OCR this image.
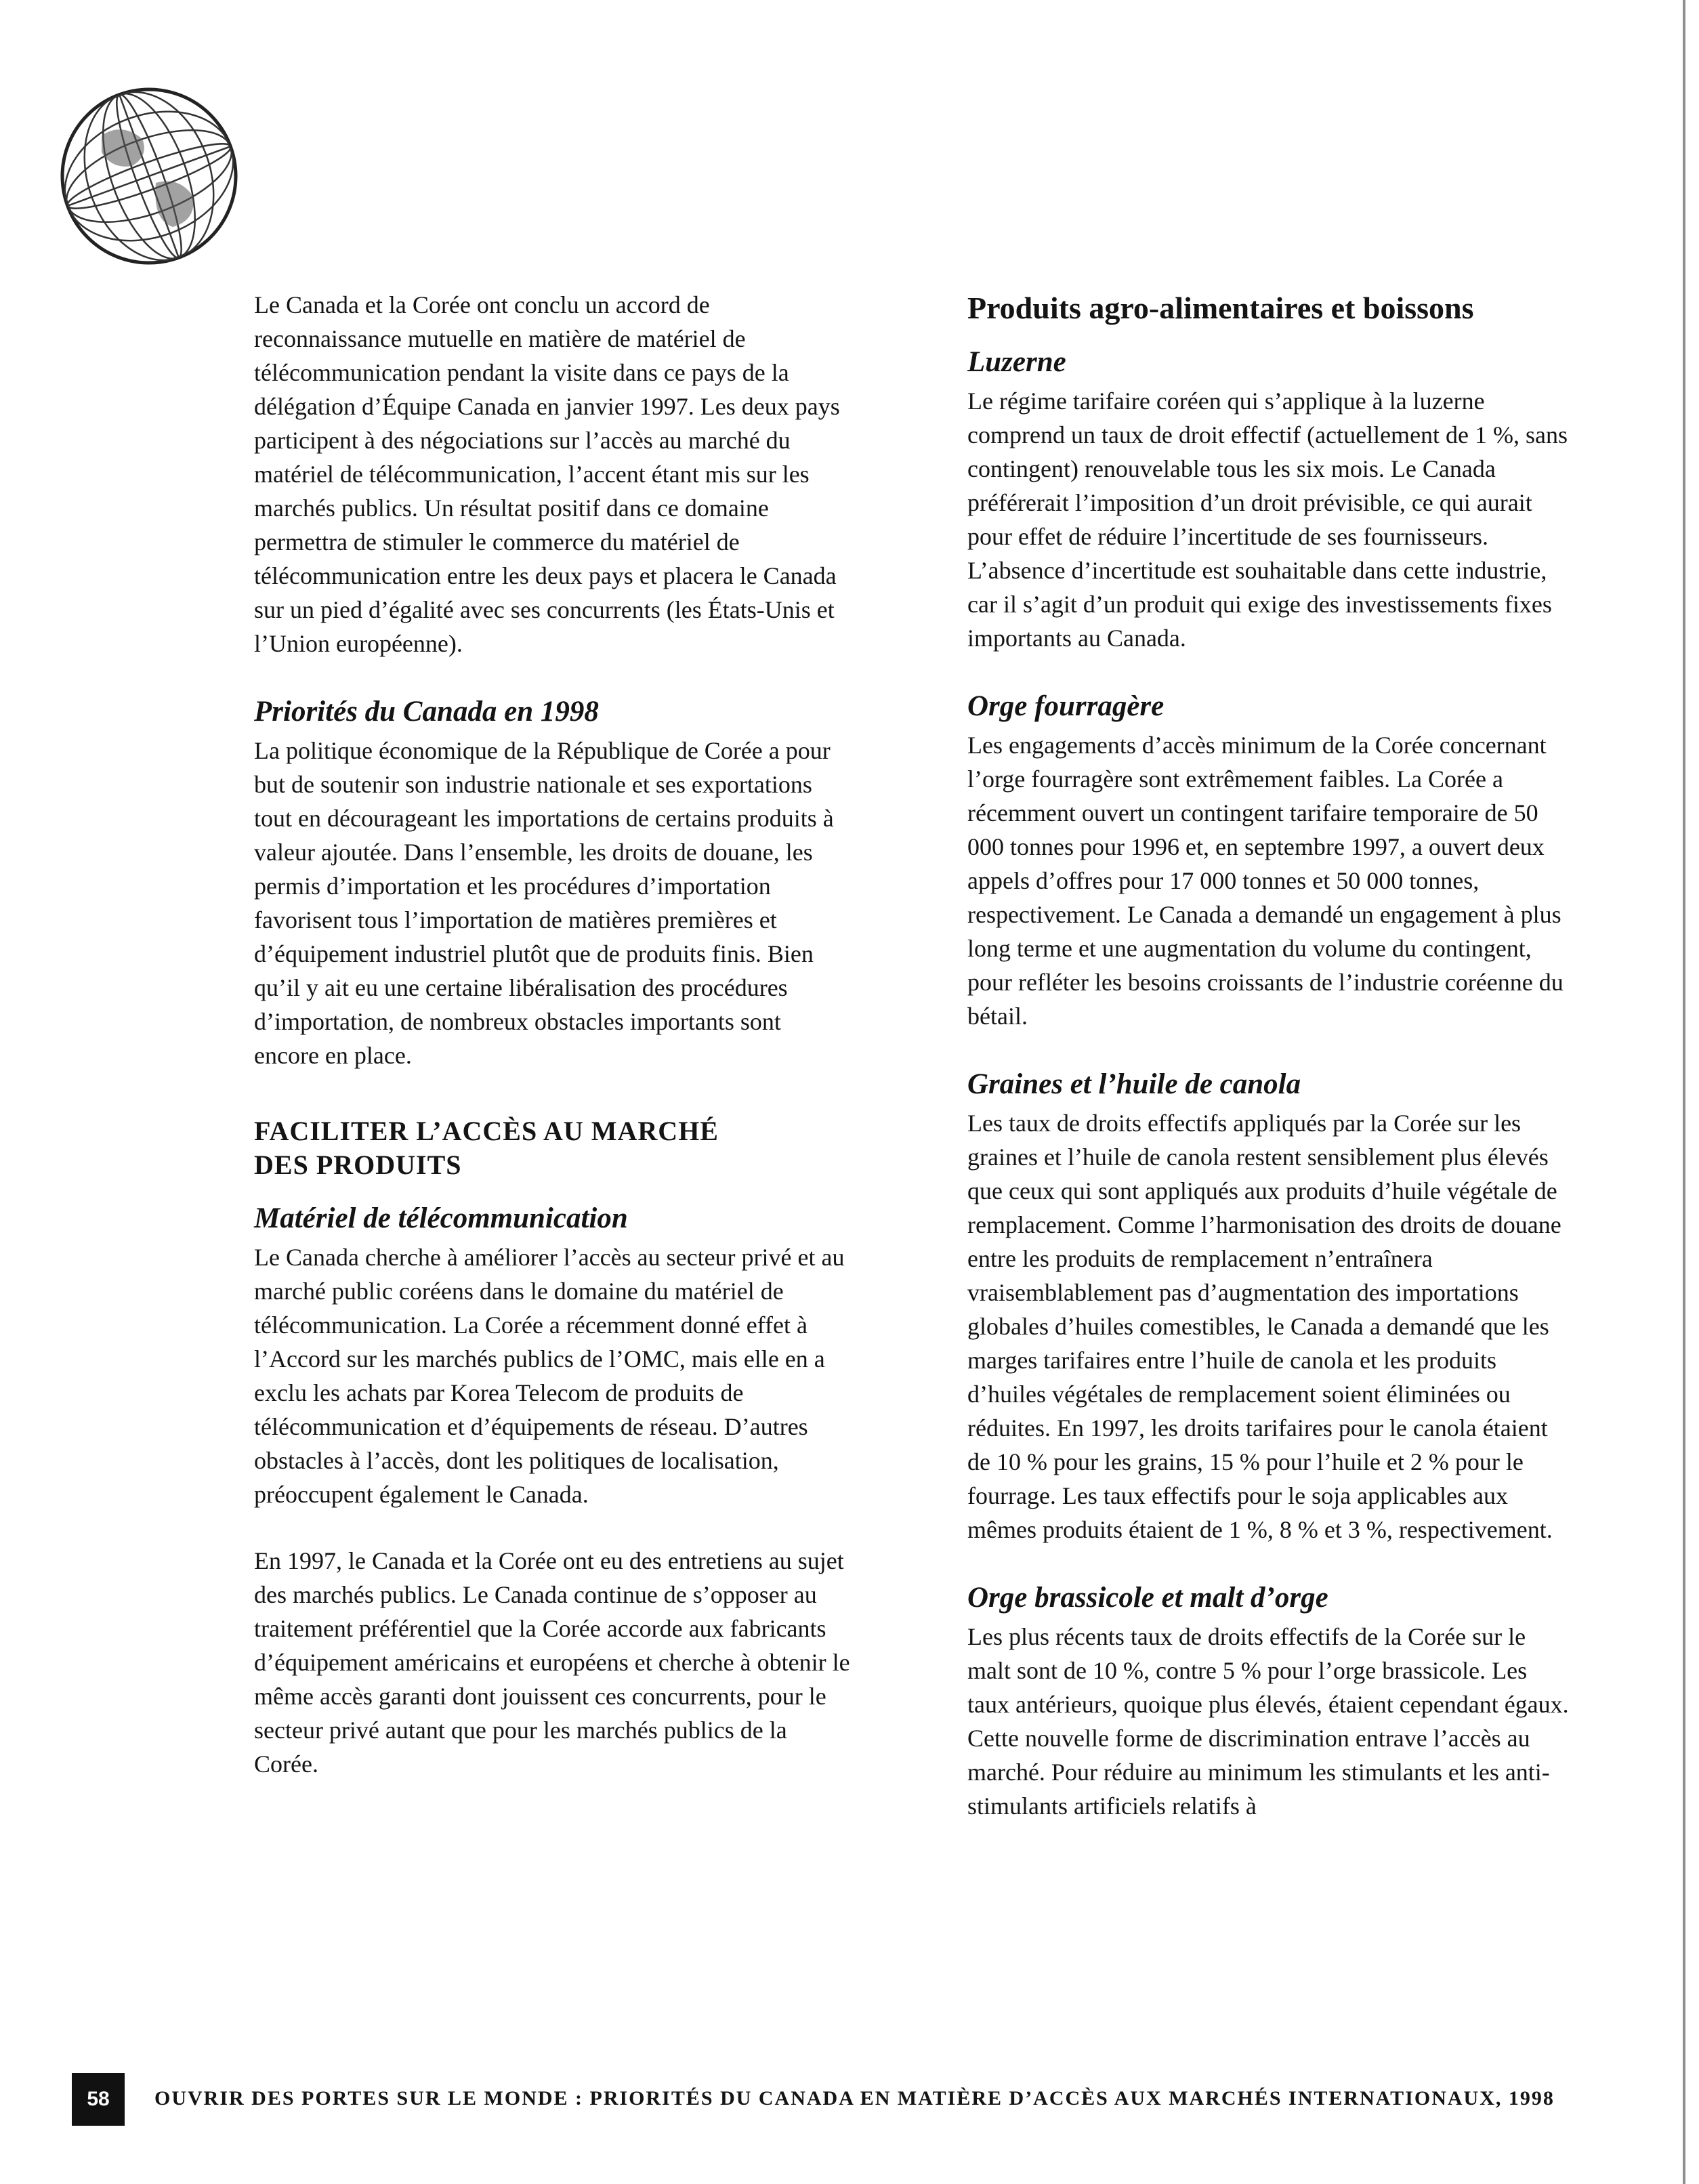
Le Canada et la Corée ont conclu un accord de reconnaissance mutuelle en matière de matériel de télécommunication pendant la visite dans ce pays de la délégation d’Équipe Canada en janvier 1997. Les deux pays participent à des négociations sur l’accès au marché du matériel de télécommunication, l’accent étant mis sur les marchés publics. Un résultat positif dans ce domaine permettra de stimuler le commerce du matériel de télécommunication entre les deux pays et placera le Canada sur un pied d’égalité avec ses concurrents (les États-Unis et l’Union européenne).

Priorités du Canada en 1998

La politique économique de la République de Corée a pour but de soutenir son industrie nationale et ses exportations tout en décourageant les importations de certains produits à valeur ajoutée. Dans l’ensemble, les droits de douane, les permis d’importation et les procédures d’importation favorisent tous l’importation de matières premières et d’équipement industriel plutôt que de produits finis. Bien qu’il y ait eu une certaine libéralisation des procédures d’importation, de nombreux obstacles importants sont encore en place.

FACILITER L’ACCÈS AU MARCHÉ
DES PRODUITS
Matériel de télécommunication

Le Canada cherche à améliorer l’accès au secteur privé et au marché public coréens dans le domaine du matériel de télécommunication. La Corée a récemment donné effet à l’Accord sur les marchés publics de l’OMC, mais elle en a exclu les achats par Korea Telecom de produits de télécommunication et d’équipements de réseau. D’autres obstacles à l’accès, dont les politiques de localisation, préoccupent également le Canada.

En 1997, le Canada et la Corée ont eu des entretiens au sujet des marchés publics. Le Canada continue de s’opposer au traitement préférentiel que la Corée accorde aux fabricants d’équipement américains et européens et cherche à obtenir le même accès garanti dont jouissent ces concurrents, pour le secteur privé autant que pour les marchés publics de la Corée.

Produits agro-alimentaires et boissons
Luzerne

Le régime tarifaire coréen qui s’applique à la luzerne comprend un taux de droit effectif (actuellement de 1 %, sans contingent) renouvelable tous les six mois. Le Canada préférerait l’imposition d’un droit prévisible, ce qui aurait pour effet de réduire l’incertitude de ses fournisseurs. L’absence d’incertitude est souhaitable dans cette industrie, car il s’agit d’un produit qui exige des investissements fixes importants au Canada.

Orge fourragère

Les engagements d’accès minimum de la Corée concernant l’orge fourragère sont extrêmement faibles. La Corée a récemment ouvert un contingent tarifaire temporaire de 50 000 tonnes pour 1996 et, en septembre 1997, a ouvert deux appels d’offres pour 17 000 tonnes et 50 000 tonnes, respectivement. Le Canada a demandé un engagement à plus long terme et une augmentation du volume du contingent, pour refléter les besoins croissants de l’industrie coréenne du bétail.

Graines et l’huile de canola

Les taux de droits effectifs appliqués par la Corée sur les graines et l’huile de canola restent sensiblement plus élevés que ceux qui sont appliqués aux produits d’huile végétale de remplacement. Comme l’harmonisation des droits de douane entre les produits de remplacement n’entraînera vraisemblablement pas d’augmentation des importations globales d’huiles comestibles, le Canada a demandé que les marges tarifaires entre l’huile de canola et les produits d’huiles végétales de remplacement soient éliminées ou réduites. En 1997, les droits tarifaires pour le canola étaient de 10 % pour les grains, 15 % pour l’huile et 2 % pour le fourrage. Les taux effectifs pour le soja applicables aux mêmes produits étaient de 1 %, 8 % et 3 %, respectivement.

Orge brassicole et malt d’orge

Les plus récents taux de droits effectifs de la Corée sur le malt sont de 10 %, contre 5 % pour l’orge brassicole. Les taux antérieurs, quoique plus élevés, étaient cependant égaux. Cette nouvelle forme de discrimination entrave l’accès au marché. Pour réduire au minimum les stimulants et les anti-stimulants artificiels relatifs à

58	OUVRIR DES PORTES SUR LE MONDE : PRIORITÉS DU CANADA EN MATIÈRE D’ACCÈS AUX MARCHÉS INTERNATIONAUX, 1998
